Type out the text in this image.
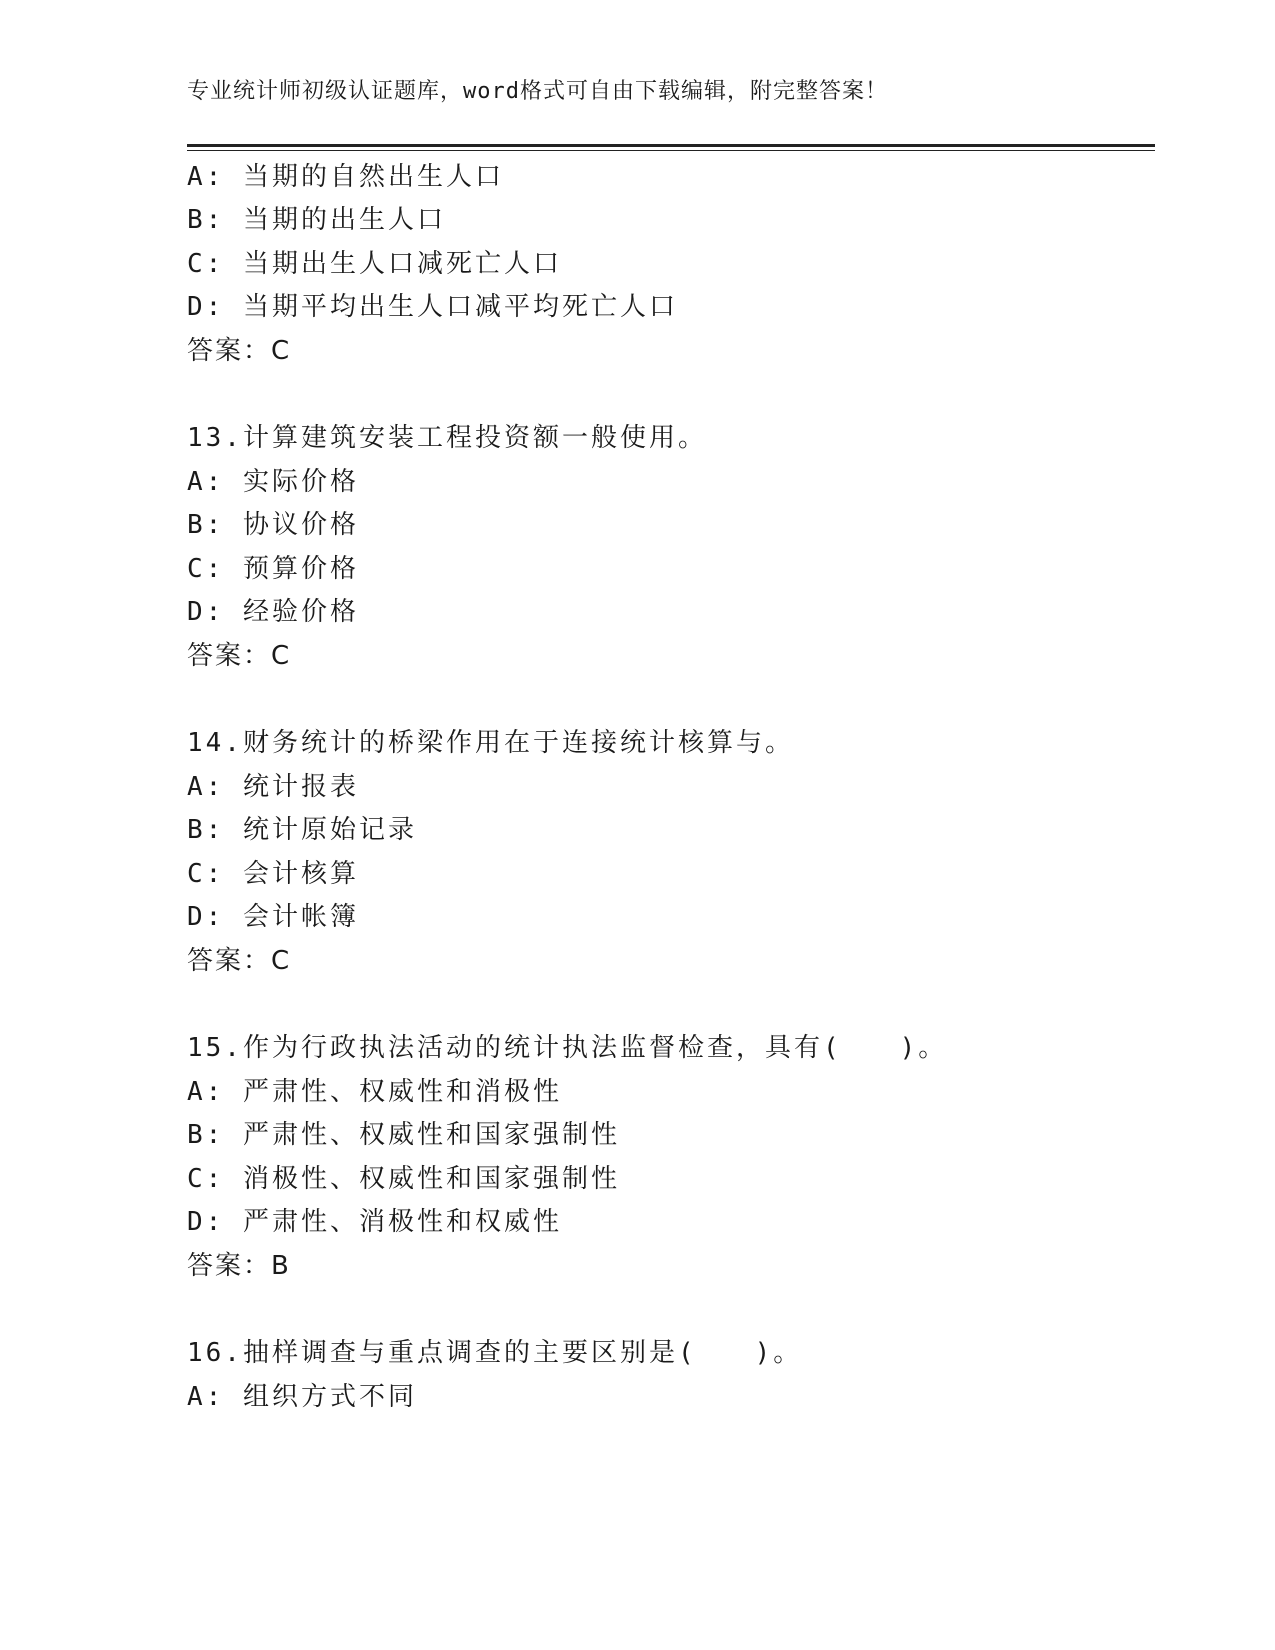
专业统计师初级认证题库，word格式可自由下载编辑，附完整答案！
A: 当期的自然出生人口
B: 当期的出生人口
C: 当期出生人口减死亡人口
D: 当期平均出生人口减平均死亡人口
答案：C
13.计算建筑安装工程投资额一般使用。
A: 实际价格
B: 协议价格
C: 预算价格
D: 经验价格
答案：C
14.财务统计的桥梁作用在于连接统计核算与。
A: 统计报表
B: 统计原始记录
C: 会计核算
D: 会计帐簿
答案：C
15.作为行政执法活动的统计执法监督检查，具有(　　)。
A: 严肃性、权威性和消极性
B: 严肃性、权威性和国家强制性
C: 消极性、权威性和国家强制性
D: 严肃性、消极性和权威性
答案：B
16.抽样调查与重点调查的主要区别是(　　)。
A: 组织方式不同
